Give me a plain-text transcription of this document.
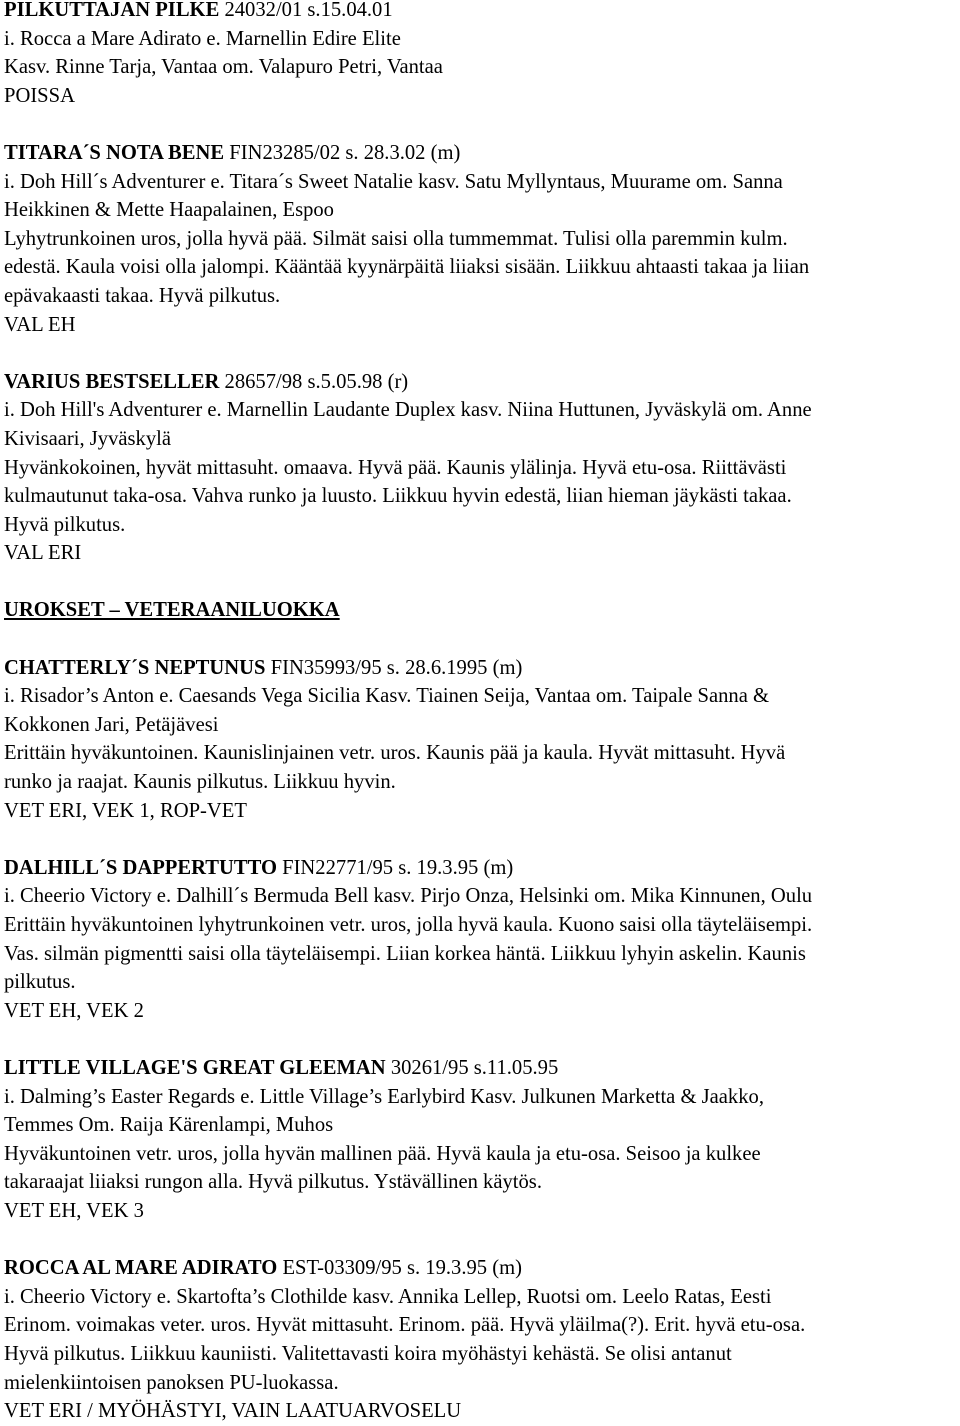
PILKUTTAJAN PILKE 24032/01 s.15.04.01
i. Rocca a Mare Adirato e. Marnellin Edire Elite
Kasv. Rinne Tarja, Vantaa om. Valapuro Petri, Vantaa
POISSA
TITARA´S NOTA BENE FIN23285/02 s. 28.3.02 (m)
i. Doh Hill´s Adventurer e. Titara´s Sweet Natalie kasv. Satu Myllyntaus, Muurame om. Sanna
Heikkinen & Mette Haapalainen, Espoo
Lyhytrunkoinen uros, jolla hyvä pää. Silmät saisi olla tummemmat. Tulisi olla paremmin kulm.
edestä. Kaula voisi olla jalompi. Kääntää kyynärpäitä liiaksi sisään. Liikkuu ahtaasti takaa ja liian
epävakaasti takaa. Hyvä pilkutus.
VAL EH
VARIUS BESTSELLER 28657/98 s.5.05.98 (r)
i. Doh Hill's Adventurer e. Marnellin Laudante Duplex kasv. Niina Huttunen, Jyväskylä om. Anne
Kivisaari, Jyväskylä
Hyvänkokoinen, hyvät mittasuht. omaava. Hyvä pää. Kaunis ylälinja. Hyvä etu-osa. Riittävästi
kulmautunut taka-osa. Vahva runko ja luusto. Liikkuu hyvin edestä, liian hieman jäykästi takaa.
Hyvä pilkutus.
VAL ERI
UROKSET – VETERAANILUOKKA
CHATTERLY´S NEPTUNUS FIN35993/95 s. 28.6.1995 (m)
i. Risador’s Anton e. Caesands Vega Sicilia Kasv. Tiainen Seija, Vantaa om. Taipale Sanna &
Kokkonen Jari, Petäjävesi
Erittäin hyväkuntoinen. Kaunislinjainen vetr. uros. Kaunis pää ja kaula. Hyvät mittasuht. Hyvä
runko ja raajat. Kaunis pilkutus. Liikkuu hyvin.
VET ERI, VEK 1, ROP-VET
DALHILL´S DAPPERTUTTO FIN22771/95 s. 19.3.95 (m)
i. Cheerio Victory e. Dalhill´s Bermuda Bell kasv. Pirjo Onza, Helsinki om. Mika Kinnunen, Oulu
Erittäin hyväkuntoinen lyhytrunkoinen vetr. uros, jolla hyvä kaula. Kuono saisi olla täyteläisempi.
Vas. silmän pigmentti saisi olla täyteläisempi. Liian korkea häntä. Liikkuu lyhyin askelin. Kaunis
pilkutus.
VET EH, VEK 2
LITTLE VILLAGE'S GREAT GLEEMAN 30261/95 s.11.05.95
i. Dalming’s Easter Regards e. Little Village’s Earlybird Kasv. Julkunen Marketta & Jaakko,
Temmes Om. Raija Kärenlampi, Muhos
Hyväkuntoinen vetr. uros, jolla hyvän mallinen pää. Hyvä kaula ja etu-osa. Seisoo ja kulkee
takaraajat liiaksi rungon alla. Hyvä pilkutus. Ystävällinen käytös.
VET EH, VEK 3
ROCCA AL MARE ADIRATO EST-03309/95 s. 19.3.95 (m)
i. Cheerio Victory e. Skartofta’s Clothilde kasv. Annika Lellep, Ruotsi om. Leelo Ratas, Eesti
Erinom. voimakas veter. uros. Hyvät mittasuht. Erinom. pää. Hyvä yläilma(?). Erit. hyvä etu-osa.
Hyvä pilkutus. Liikkuu kauniisti. Valitettavasti koira myöhästyi kehästä. Se olisi antanut
mielenkiintoisen panoksen PU-luokassa.
VET ERI / MYÖHÄSTYI, VAIN LAATUARVOSELU
